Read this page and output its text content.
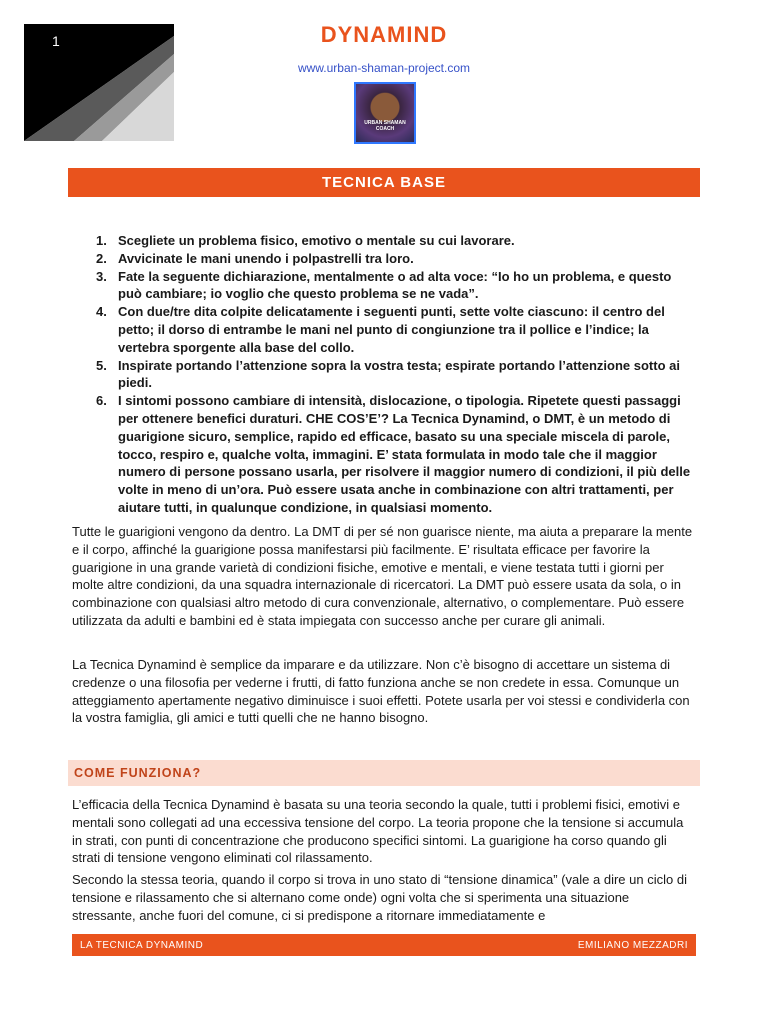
1	DYNAMIND
www.urban-shaman-project.com
URBAN SHAMAN COACH
TECNICA BASE
1. Scegliete un problema fisico, emotivo o mentale su cui lavorare.
2. Avvicinate le mani unendo i polpastrelli tra loro.
3. Fate la seguente dichiarazione, mentalmente o ad alta voce: “Io ho un problema, e questo può cambiare; io voglio che questo problema se ne vada”.
4. Con due/tre dita colpite delicatamente i seguenti punti, sette volte ciascuno: il centro del petto; il dorso di entrambe le mani nel punto di congiunzione tra il pollice e l’indice; la vertebra sporgente alla base del collo.
5. Inspirate portando l’attenzione sopra la vostra testa; espirate portando l’attenzione sotto ai piedi.
6. I sintomi possono cambiare di intensità, dislocazione, o tipologia. Ripetete questi passaggi per ottenere benefici duraturi. CHE COS’E’? La Tecnica Dynamind, o DMT, è un metodo di guarigione sicuro, semplice, rapido ed efficace, basato su una speciale miscela di parole, tocco, respiro e, qualche volta, immagini. E’ stata formulata in modo tale che il maggior numero di persone possano usarla, per risolvere il maggior numero di condizioni, il più delle volte in meno di un’ora. Può essere usata anche in combinazione con altri trattamenti, per aiutare tutti, in qualunque condizione, in qualsiasi momento.

Tutte le guarigioni vengono da dentro. La DMT di per sé non guarisce niente, ma aiuta a preparare la mente e il corpo, affinché la guarigione possa manifestarsi più facilmente. E’ risultata efficace per favorire la guarigione in una grande varietà di condizioni fisiche, emotive e mentali, e viene testata tutti i giorni per molte altre condizioni, da una squadra internazionale di ricercatori. La DMT può essere usata da sola, o in combinazione con qualsiasi altro metodo di cura convenzionale, alternativo, o complementare. Può essere utilizzata da adulti e bambini ed è stata impiegata con successo anche per curare gli animali.

La Tecnica Dynamind è semplice da imparare e da utilizzare. Non c’è bisogno di accettare un sistema di credenze o una filosofia per vederne i frutti, di fatto funziona anche se non credete in essa. Comunque un atteggiamento apertamente negativo diminuisce i suoi effetti. Potete usarla per voi stessi e condividerla con la vostra famiglia, gli amici e tutti quelli che ne hanno bisogno.

COME FUNZIONA?

L’efficacia della Tecnica Dynamind è basata su una teoria secondo la quale, tutti i problemi fisici, emotivi e mentali sono collegati ad una eccessiva tensione del corpo. La teoria propone che la tensione si accumula in strati, con punti di concentrazione che producono specifici sintomi. La guarigione ha corso quando gli strati di tensione vengono eliminati col rilassamento.

Secondo la stessa teoria, quando il corpo si trova in uno stato di “tensione dinamica” (vale a dire un ciclo di tensione e rilassamento che si alternano come onde) ogni volta che si sperimenta una situazione stressante, anche fuori del comune, ci si predispone a ritornare immediatamente e

LA TECNICA DYNAMIND	EMILIANO MEZZADRI
